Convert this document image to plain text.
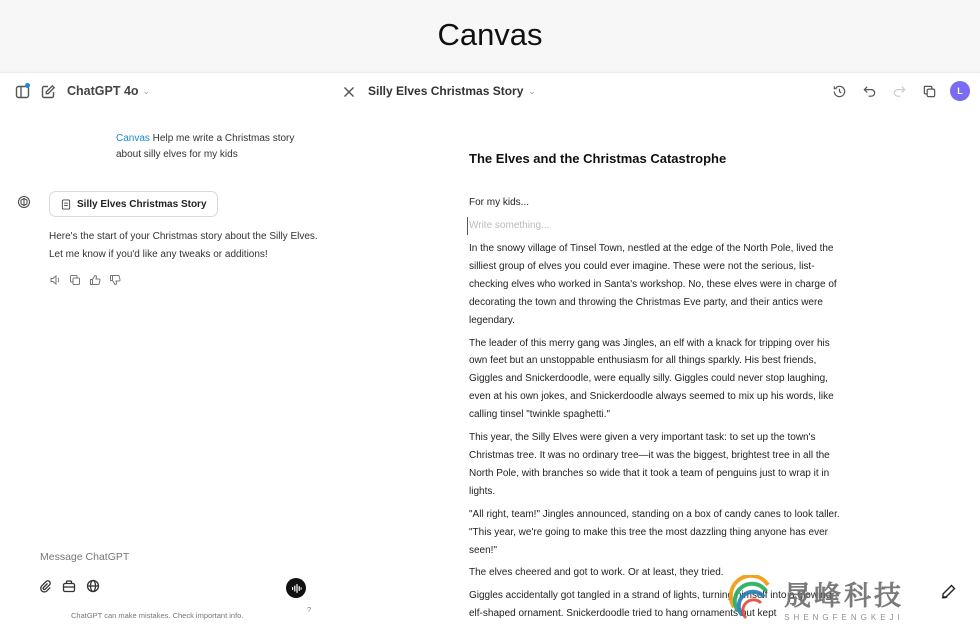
Canvas
ChatGPT 4o ⌄
Canvas Help me write a Christmas story about silly elves for my kids
Silly Elves Christmas Story
Here's the start of your Christmas story about the Silly Elves. Let me know if you'd like any tweaks or additions!
Message ChatGPT
ChatGPT can make mistakes. Check important info.
?
Silly Elves Christmas Story ⌄	L
The Elves and the Christmas Catastrophe
For my kids...
Write something...

In the snowy village of Tinsel Town, nestled at the edge of the North Pole, lived the silliest group of elves you could ever imagine. These were not the serious, list-checking elves who worked in Santa's workshop. No, these elves were in charge of decorating the town and throwing the Christmas Eve party, and their antics were legendary.

The leader of this merry gang was Jingles, an elf with a knack for tripping over his own feet but an unstoppable enthusiasm for all things sparkly. His best friends, Giggles and Snickerdoodle, were equally silly. Giggles could never stop laughing, even at his own jokes, and Snickerdoodle always seemed to mix up his words, like calling tinsel "twinkle spaghetti."

This year, the Silly Elves were given a very important task: to set up the town's Christmas tree. It was no ordinary tree—it was the biggest, brightest tree in all the North Pole, with branches so wide that it took a team of penguins just to wrap it in lights.

"All right, team!" Jingles announced, standing on a box of candy canes to look taller. "This year, we're going to make this tree the most dazzling thing anyone has ever seen!"

The elves cheered and got to work. Or at least, they tried.

Giggles accidentally got tangled in a strand of lights, turning himself into a glowing elf-shaped ornament. Snickerdoodle tried to hang ornaments but kept

晟峰科技
SHENGFENGKEJI
